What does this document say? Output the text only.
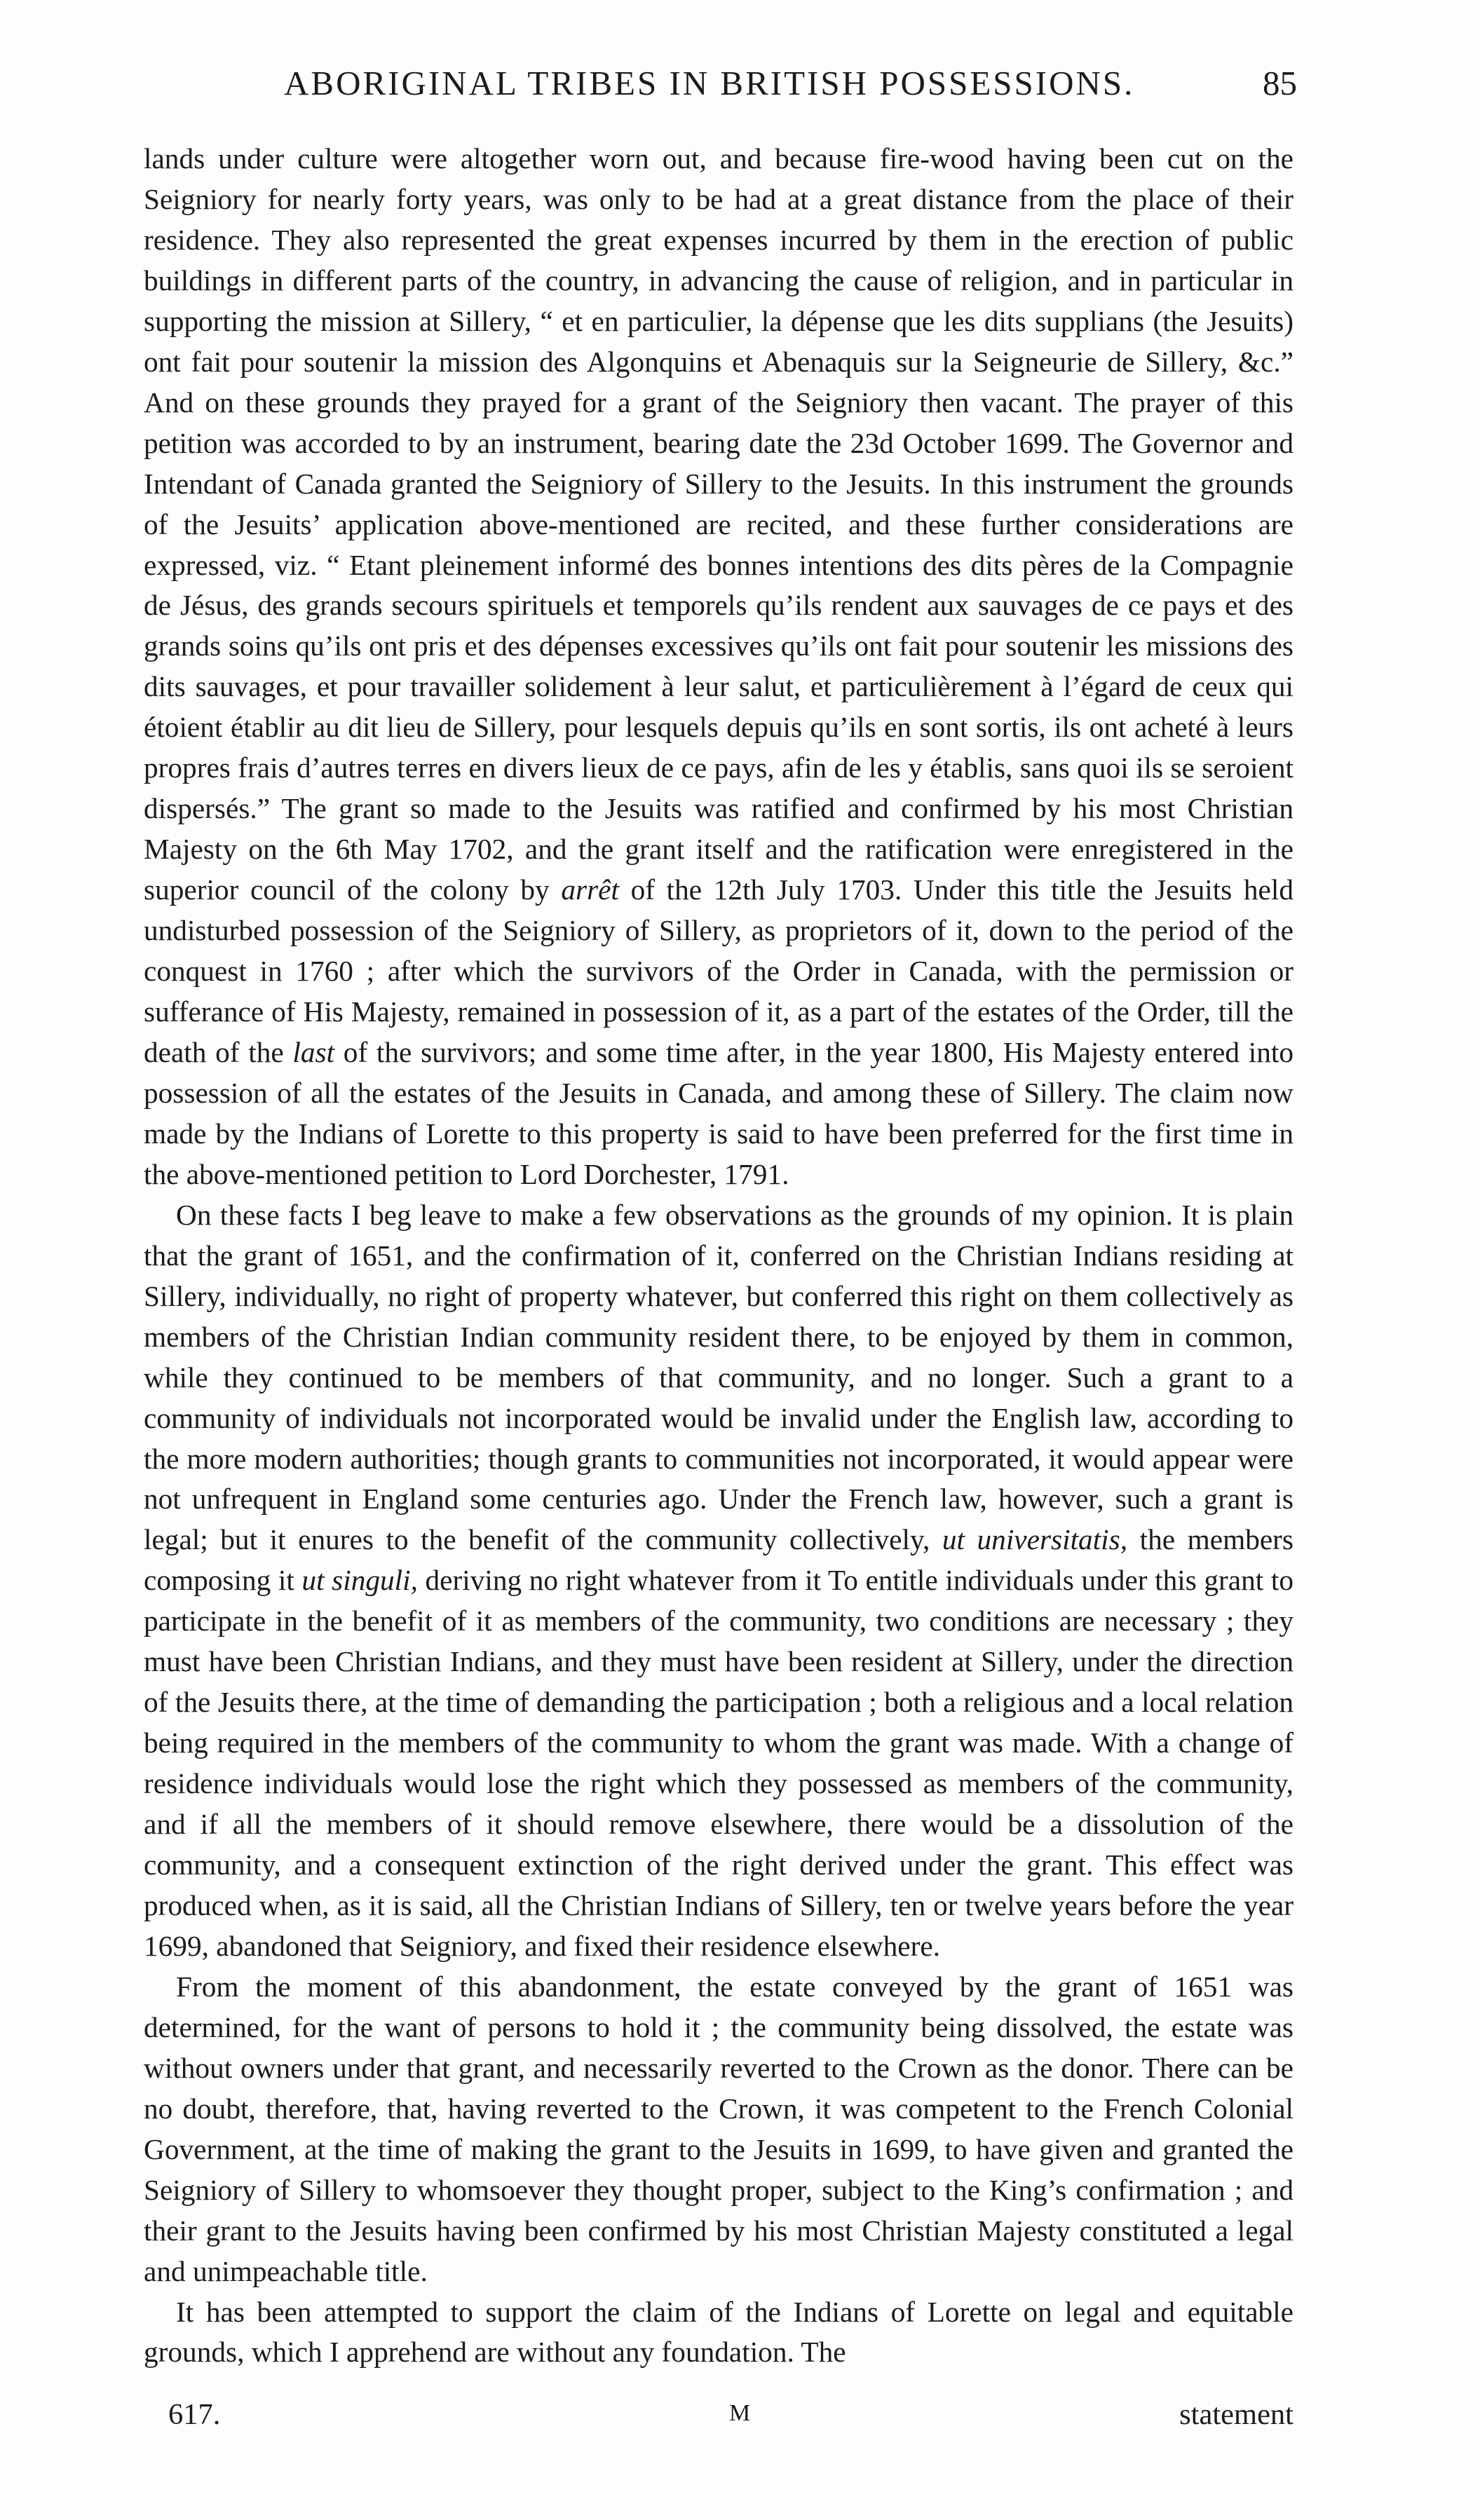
ABORIGINAL TRIBES IN BRITISH POSSESSIONS.	85

lands under culture were altogether worn out, and because fire-wood having been cut on the Seigniory for nearly forty years, was only to be had at a great distance from the place of their residence. They also represented the great expenses incurred by them in the erection of public buildings in different parts of the country, in advancing the cause of religion, and in particular in supporting the mission at Sillery, “ et en particulier, la dépense que les dits supplians (the Jesuits) ont fait pour soutenir la mission des Algonquins et Abenaquis sur la Seigneurie de Sillery, &c.” And on these grounds they prayed for a grant of the Seigniory then vacant. The prayer of this petition was accorded to by an instrument, bearing date the 23d October 1699. The Governor and Intendant of Canada granted the Seigniory of Sillery to the Jesuits. In this instrument the grounds of the Jesuits’ application above-mentioned are recited, and these further considerations are expressed, viz. “ Etant pleinement informé des bonnes intentions des dits pères de la Compagnie de Jésus, des grands secours spirituels et temporels qu’ils rendent aux sauvages de ce pays et des grands soins qu’ils ont pris et des dépenses excessives qu’ils ont fait pour soutenir les missions des dits sauvages, et pour travailler solidement à leur salut, et particulièrement à l’égard de ceux qui étoient établir au dit lieu de Sillery, pour lesquels depuis qu’ils en sont sortis, ils ont acheté à leurs propres frais d’autres terres en divers lieux de ce pays, afin de les y établis, sans quoi ils se seroient dispersés.” The grant so made to the Jesuits was ratified and confirmed by his most Christian Majesty on the 6th May 1702, and the grant itself and the ratification were enregistered in the superior council of the colony by arrêt of the 12th July 1703. Under this title the Jesuits held undisturbed possession of the Seigniory of Sillery, as proprietors of it, down to the period of the conquest in 1760 ; after which the survivors of the Order in Canada, with the permission or sufferance of His Majesty, remained in possession of it, as a part of the estates of the Order, till the death of the last of the survivors; and some time after, in the year 1800, His Majesty entered into possession of all the estates of the Jesuits in Canada, and among these of Sillery. The claim now made by the Indians of Lorette to this property is said to have been preferred for the first time in the above-mentioned petition to Lord Dorchester, 1791.

On these facts I beg leave to make a few observations as the grounds of my opinion. It is plain that the grant of 1651, and the confirmation of it, conferred on the Christian Indians residing at Sillery, individually, no right of property whatever, but conferred this right on them collectively as members of the Christian Indian community resident there, to be enjoyed by them in common, while they continued to be members of that community, and no longer. Such a grant to a community of individuals not incorporated would be invalid under the English law, according to the more modern authorities; though grants to communities not incorporated, it would appear were not unfrequent in England some centuries ago. Under the French law, however, such a grant is legal; but it enures to the benefit of the community collectively, ut universitatis, the members composing it ut singuli, deriving no right whatever from it To entitle individuals under this grant to participate in the benefit of it as members of the community, two conditions are necessary ; they must have been Christian Indians, and they must have been resident at Sillery, under the direction of the Jesuits there, at the time of demanding the participation ; both a religious and a local relation being required in the members of the community to whom the grant was made. With a change of residence individuals would lose the right which they possessed as members of the community, and if all the members of it should remove elsewhere, there would be a dissolution of the community, and a consequent extinction of the right derived under the grant. This effect was produced when, as it is said, all the Christian Indians of Sillery, ten or twelve years before the year 1699, abandoned that Seigniory, and fixed their residence elsewhere.

From the moment of this abandonment, the estate conveyed by the grant of 1651 was determined, for the want of persons to hold it ; the community being dissolved, the estate was without owners under that grant, and necessarily reverted to the Crown as the donor. There can be no doubt, therefore, that, having reverted to the Crown, it was competent to the French Colonial Government, at the time of making the grant to the Jesuits in 1699, to have given and granted the Seigniory of Sillery to whomsoever they thought proper, subject to the King’s confirmation ; and their grant to the Jesuits having been confirmed by his most Christian Majesty constituted a legal and unimpeachable title.

It has been attempted to support the claim of the Indians of Lorette on legal and equitable grounds, which I apprehend are without any foundation. The

617.	M	statement
